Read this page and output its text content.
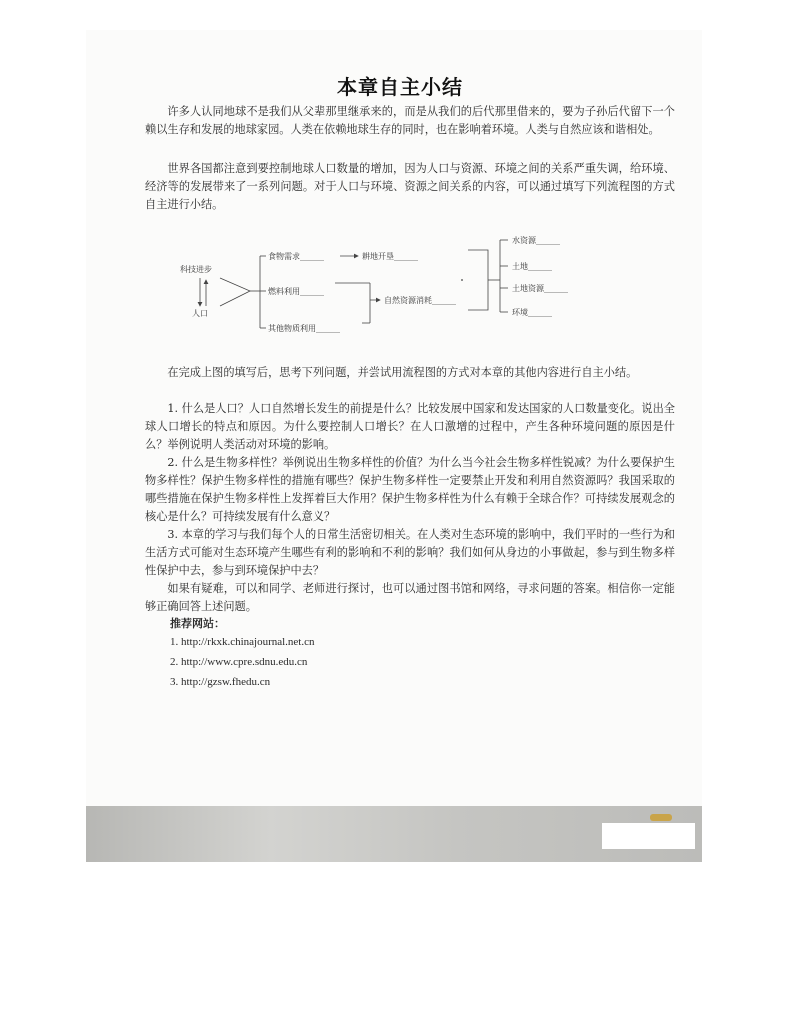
本章自主小结

许多人认同地球不是我们从父辈那里继承来的，而是从我们的后代那里借来的，要为子孙后代留下一个赖以生存和发展的地球家园。人类在依赖地球生存的同时，也在影响着环境。人类与自然应该和谐相处。

世界各国都注意到要控制地球人口数量的增加，因为人口与资源、环境之间的关系严重失调，给环境、经济等的发展带来了一系列问题。对于人口与环境、资源之间关系的内容，可以通过填写下列流程图的方式自主进行小结。

科技进步
人口
食物需求______	耕地开垦______
燃料利用______
其他物质利用______
自然资源消耗______
水资源______
土地______
土地资源______
环境______

在完成上图的填写后，思考下列问题，并尝试用流程图的方式对本章的其他内容进行自主小结。

1. 什么是人口？人口自然增长发生的前提是什么？比较发展中国家和发达国家的人口数量变化。说出全球人口增长的特点和原因。为什么要控制人口增长？在人口激增的过程中，产生各种环境问题的原因是什么？举例说明人类活动对环境的影响。

2. 什么是生物多样性？举例说出生物多样性的价值？为什么当今社会生物多样性锐减？为什么要保护生物多样性？保护生物多样性的措施有哪些？保护生物多样性一定要禁止开发和利用自然资源吗？我国采取的哪些措施在保护生物多样性上发挥着巨大作用？保护生物多样性为什么有赖于全球合作？可持续发展观念的核心是什么？可持续发展有什么意义？

3. 本章的学习与我们每个人的日常生活密切相关。在人类对生态环境的影响中，我们平时的一些行为和生活方式可能对生态环境产生哪些有利的影响和不利的影响？我们如何从身边的小事做起，参与到生物多样性保护中去，参与到环境保护中去？

如果有疑难，可以和同学、老师进行探讨，也可以通过图书馆和网络，寻求问题的答案。相信你一定能够正确回答上述问题。

推荐网站：

1. http://rkxk.chinajournal.net.cn

2. http://www.cpre.sdnu.edu.cn

3. http://gzsw.fhedu.cn
